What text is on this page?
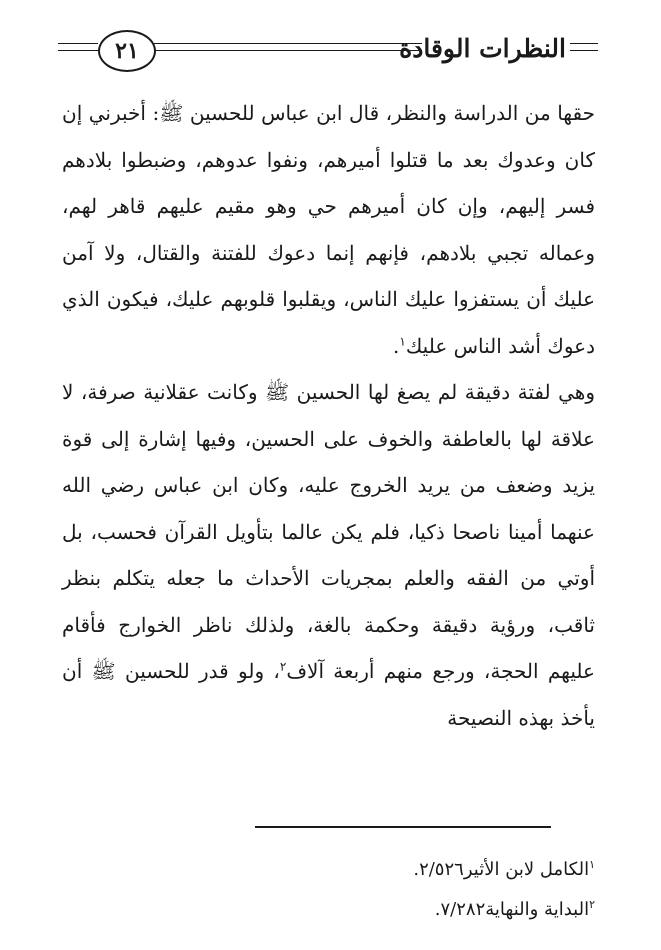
٢١	النظرات الوقادة

حقها من الدراسة والنظر، قال ابن عباس للحسين ﷺ: أخبرني إن كان وعدوك بعد ما قتلوا أميرهم، ونفوا عدوهم، وضبطوا بلادهم فسر إليهم، وإن كان أميرهم حي وهو مقيم عليهم قاهر لهم، وعماله تجبي بلادهم، فإنهم إنما دعوك للفتنة والقتال، ولا آمن عليك أن يستفزوا عليك الناس، ويقلبوا قلوبهم عليك، فيكون الذي دعوك أشد الناس عليك$^١$.

وهي لفتة دقيقة لم يصغ لها الحسين ﷺ وكانت عقلانية صرفة، لا علاقة لها بالعاطفة والخوف على الحسين، وفيها إشارة إلى قوة يزيد وضعف من يريد الخروج عليه، وكان ابن عباس رضي الله عنهما أمينا ناصحا ذكيا، فلم يكن عالما بتأويل القرآن فحسب، بل أوتي من الفقه والعلم بمجريات الأحداث ما جعله يتكلم بنظر ثاقب، ورؤية دقيقة وحكمة بالغة، ولذلك ناظر الخوارج فأقام عليهم الحجة، ورجع منهم أربعة آلاف$^٢$، ولو قدر للحسين ﷺ أن يأخذ بهذه النصيحة

$^١$الكامل لابن الأثير٢/٥٢٦.

$^٢$البداية والنهاية٧/٢٨٢.
